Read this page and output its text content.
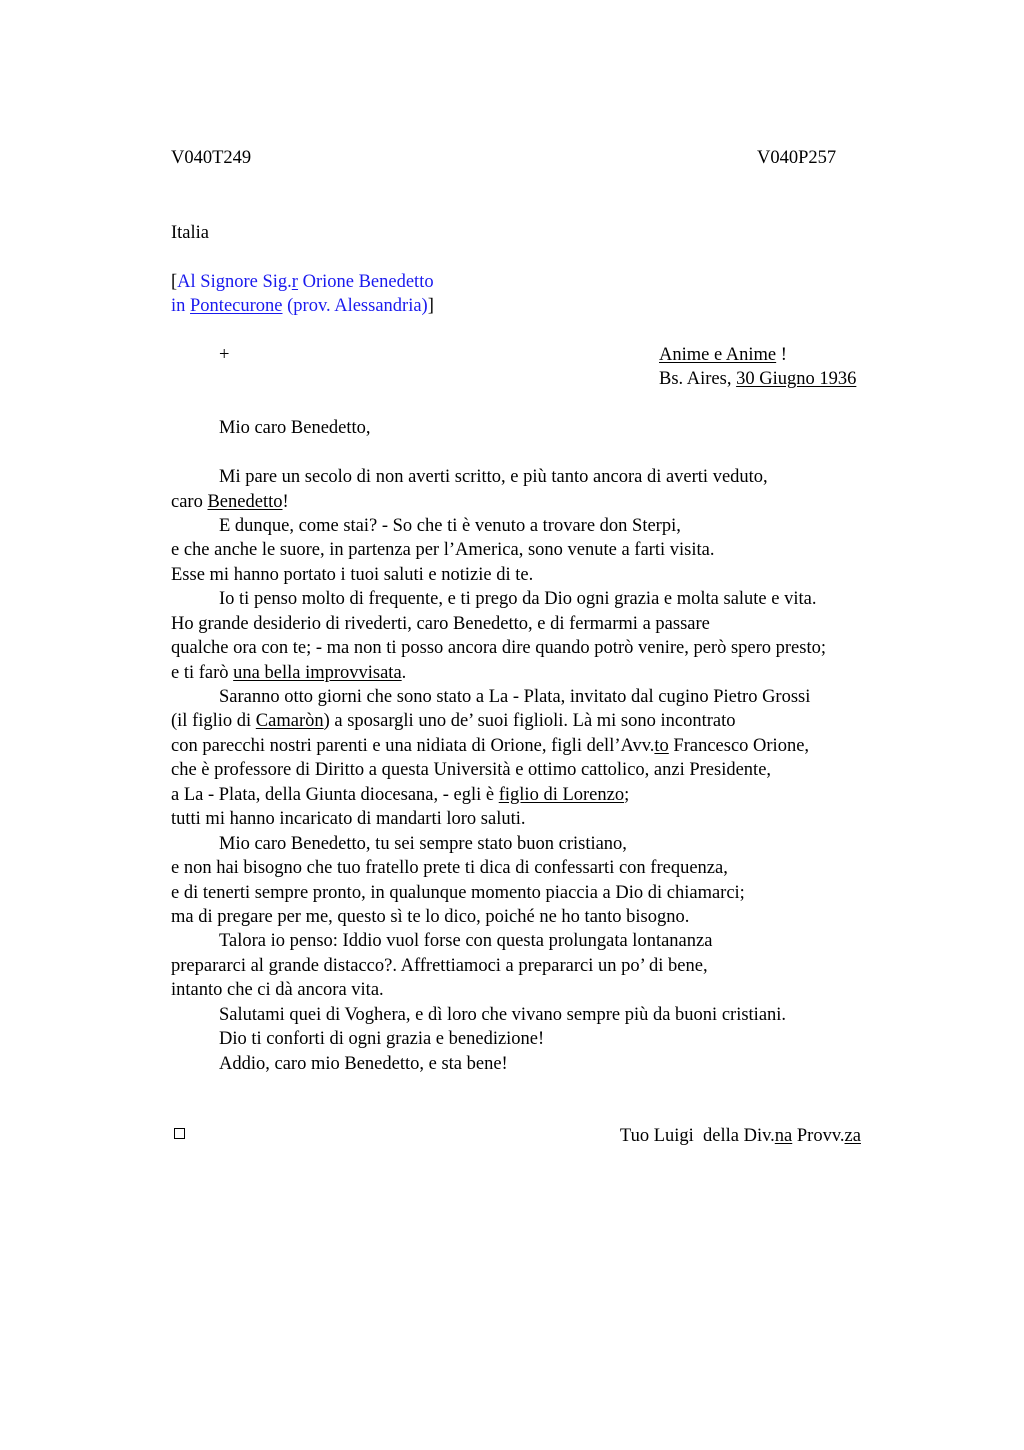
V040T249	V040P257
Italia
[Al Signore Sig.r Orione Benedetto
in Pontecurone (prov. Alessandria)]
+	Anime e Anime !
Bs. Aires, 30 Giugno 1936
Mio caro Benedetto,
Mi pare un secolo di non averti scritto, e più tanto ancora di averti veduto,
caro Benedetto!
E dunque, come stai? - So che ti è venuto a trovare don Sterpi,
e che anche le suore, in partenza per l’America, sono venute a farti visita.
Esse mi hanno portato i tuoi saluti e notizie di te.
Io ti penso molto di frequente, e ti prego da Dio ogni grazia e molta salute e vita.
Ho grande desiderio di rivederti, caro Benedetto, e di fermarmi a passare
qualche ora con te; - ma non ti posso ancora dire quando potrò venire, però spero presto;
e ti farò una bella improvvisata.
Saranno otto giorni che sono stato a La - Plata, invitato dal cugino Pietro Grossi
(il figlio di Camaròn) a sposargli uno de’ suoi figlioli. Là mi sono incontrato
con parecchi nostri parenti e una nidiata di Orione, figli dell’Avv.to Francesco Orione,
che è professore di Diritto a questa Università e ottimo cattolico, anzi Presidente,
a La - Plata, della Giunta diocesana, - egli è figlio di Lorenzo;
tutti mi hanno incaricato di mandarti loro saluti.
Mio caro Benedetto, tu sei sempre stato buon cristiano,
e non hai bisogno che tuo fratello prete ti dica di confessarti con frequenza,
e di tenerti sempre pronto, in qualunque momento piaccia a Dio di chiamarci;
ma di pregare per me, questo sì te lo dico, poiché ne ho tanto bisogno.
Talora io penso: Iddio vuol forse con questa prolungata lontananza
prepararci al grande distacco?. Affrettiamoci a prepararci un po’ di bene,
intanto che ci dà ancora vita.
Salutami quei di Voghera, e dì loro che vivano sempre più da buoni cristiani.
Dio ti conforti di ogni grazia e benedizione!
Addio, caro mio Benedetto, e sta bene!

Tuo Luigi  della Div.na Provv.za
